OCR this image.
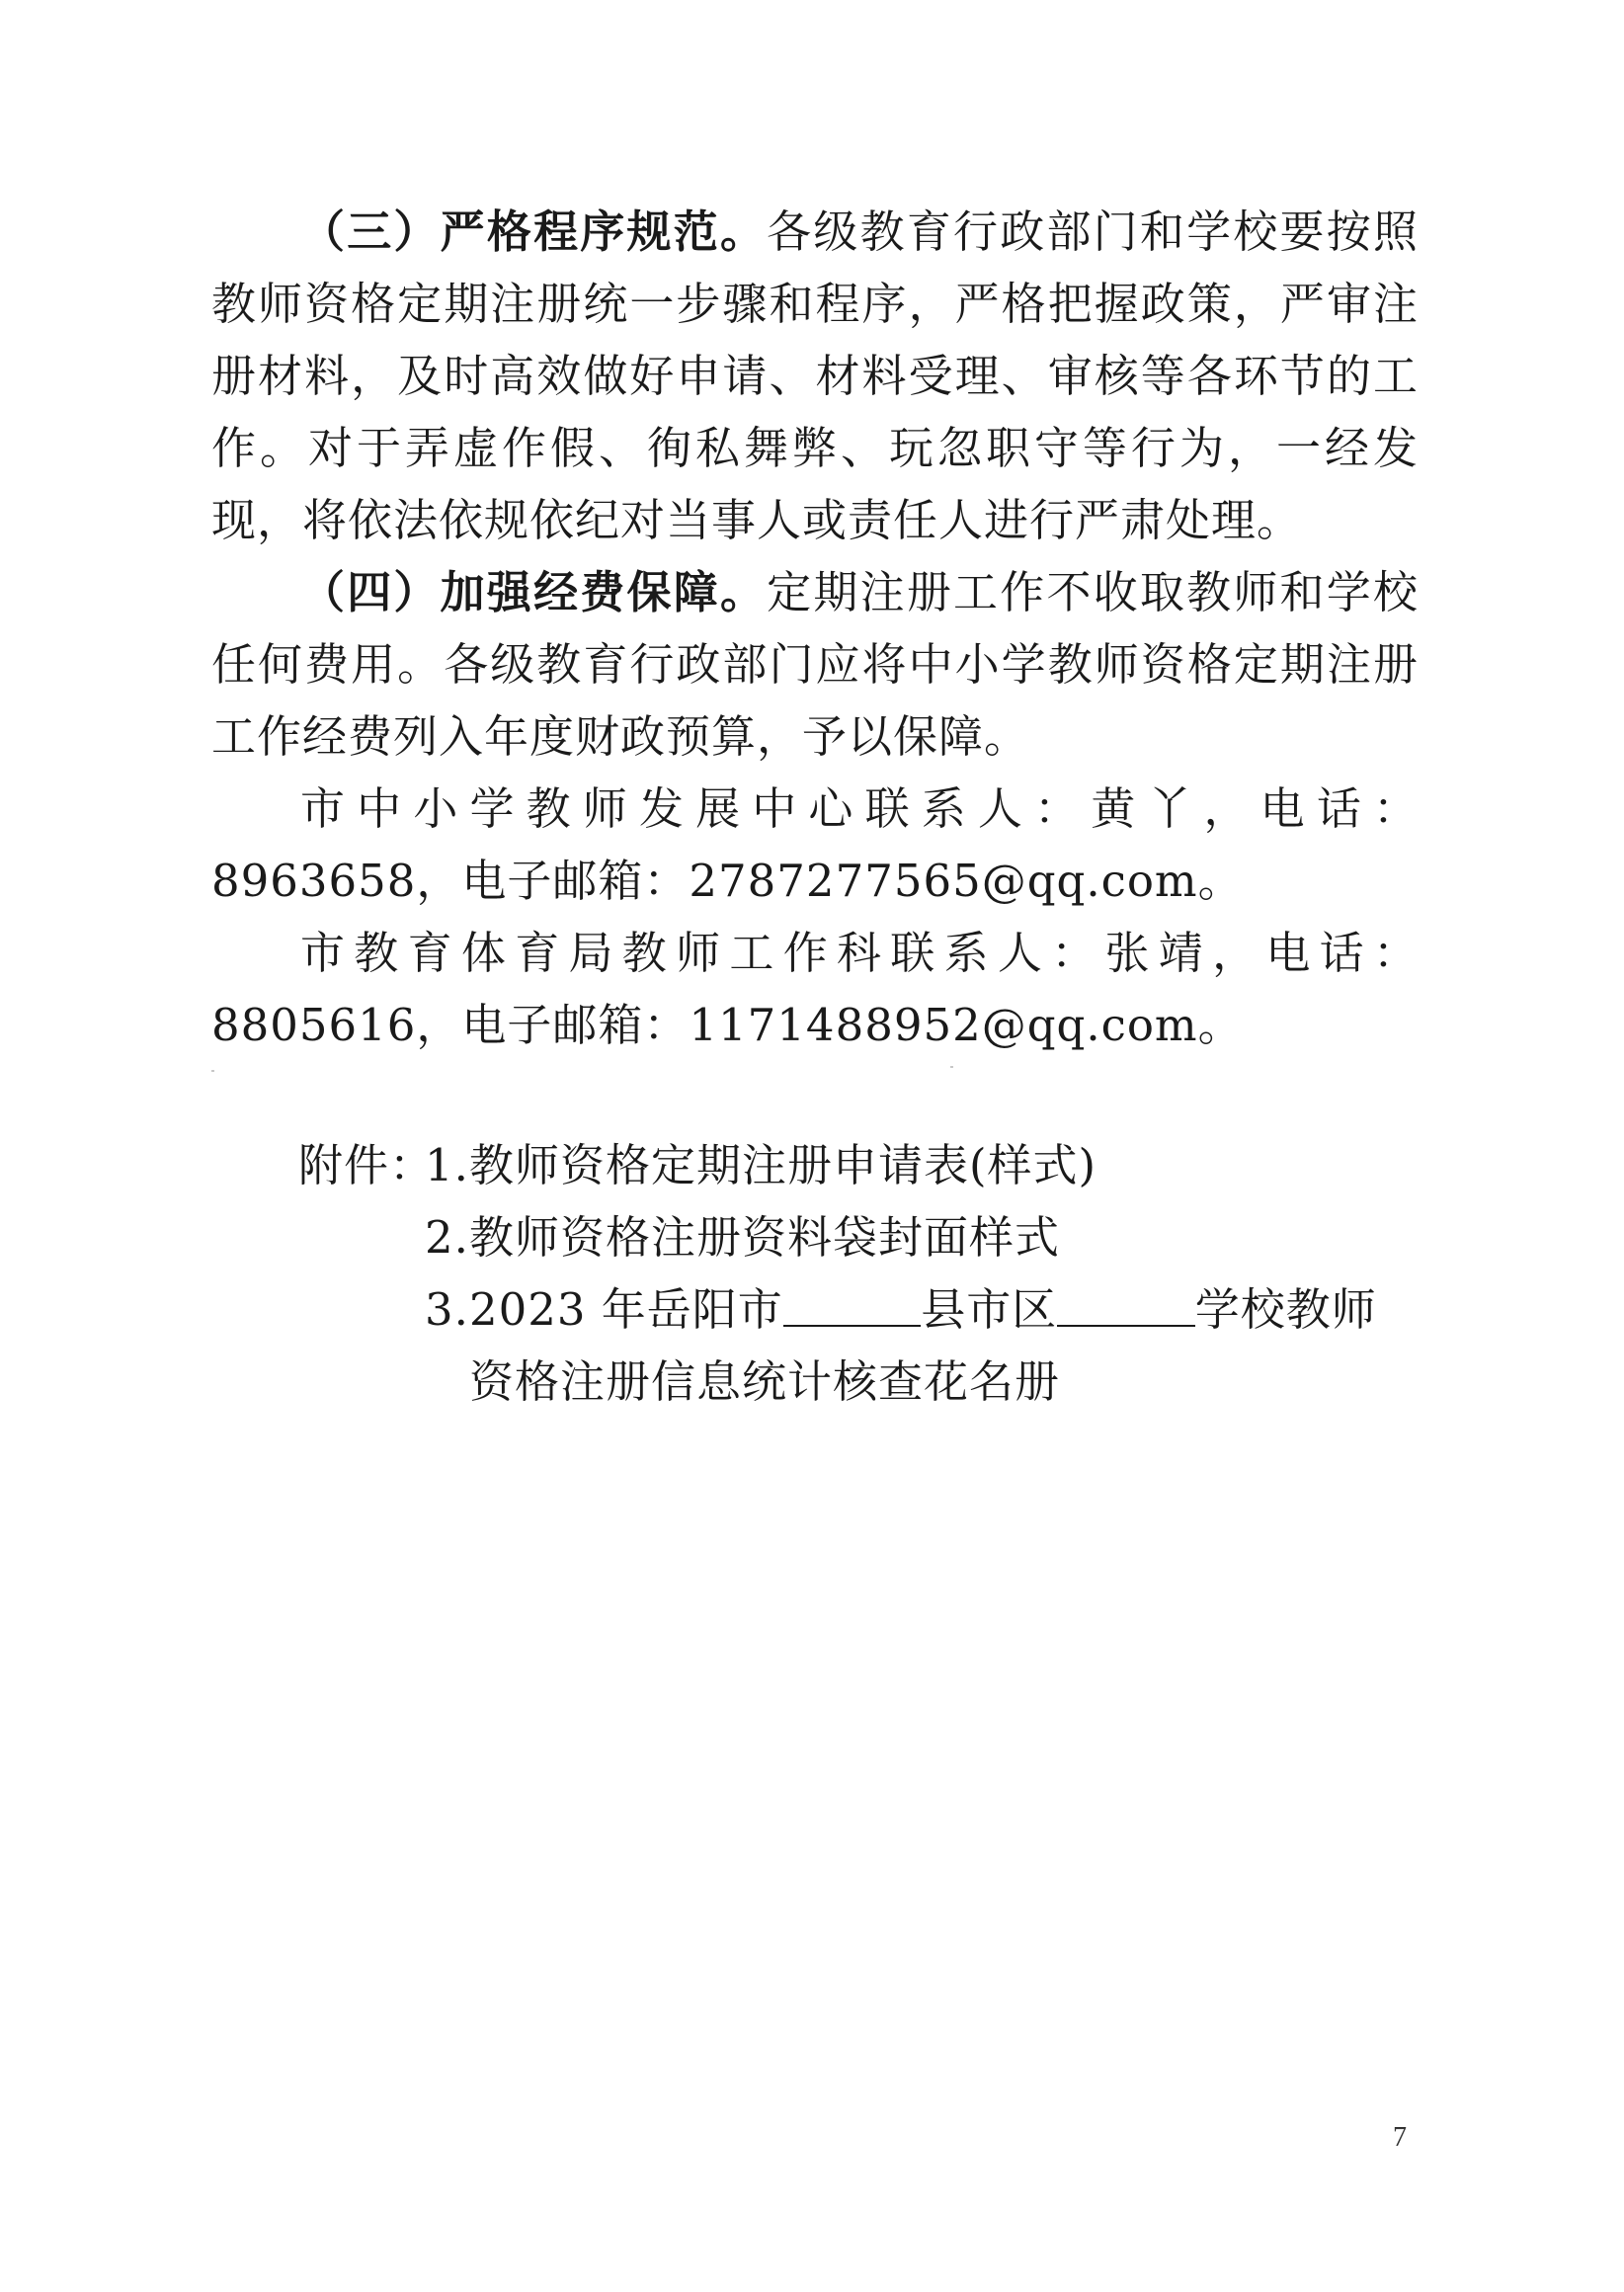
（三）严格程序规范。各级教育行政部门和学校要按照教师资格定期注册统一步骤和程序，严格把握政策，严审注册材料，及时高效做好申请、材料受理、审核等各环节的工作。对于弄虚作假、徇私舞弊、玩忽职守等行为，一经发现，将依法依规依纪对当事人或责任人进行严肃处理。

（四）加强经费保障。定期注册工作不收取教师和学校任何费用。各级教育行政部门应将中小学教师资格定期注册工作经费列入年度财政预算，予以保障。

市中小学教师发展中心联系人：黄丫，电话：8963658，电子邮箱：2787277565@qq.com。

市教育体育局教师工作科联系人：张靖，电话：8805616，电子邮箱：1171488952@qq.com。

附件：
1. 教师资格定期注册申请表(样式)
2. 教师资格注册资料袋封面样式
3. 2023 年岳阳市	县市区	学校教师资格注册信息统计核查花名册
7
